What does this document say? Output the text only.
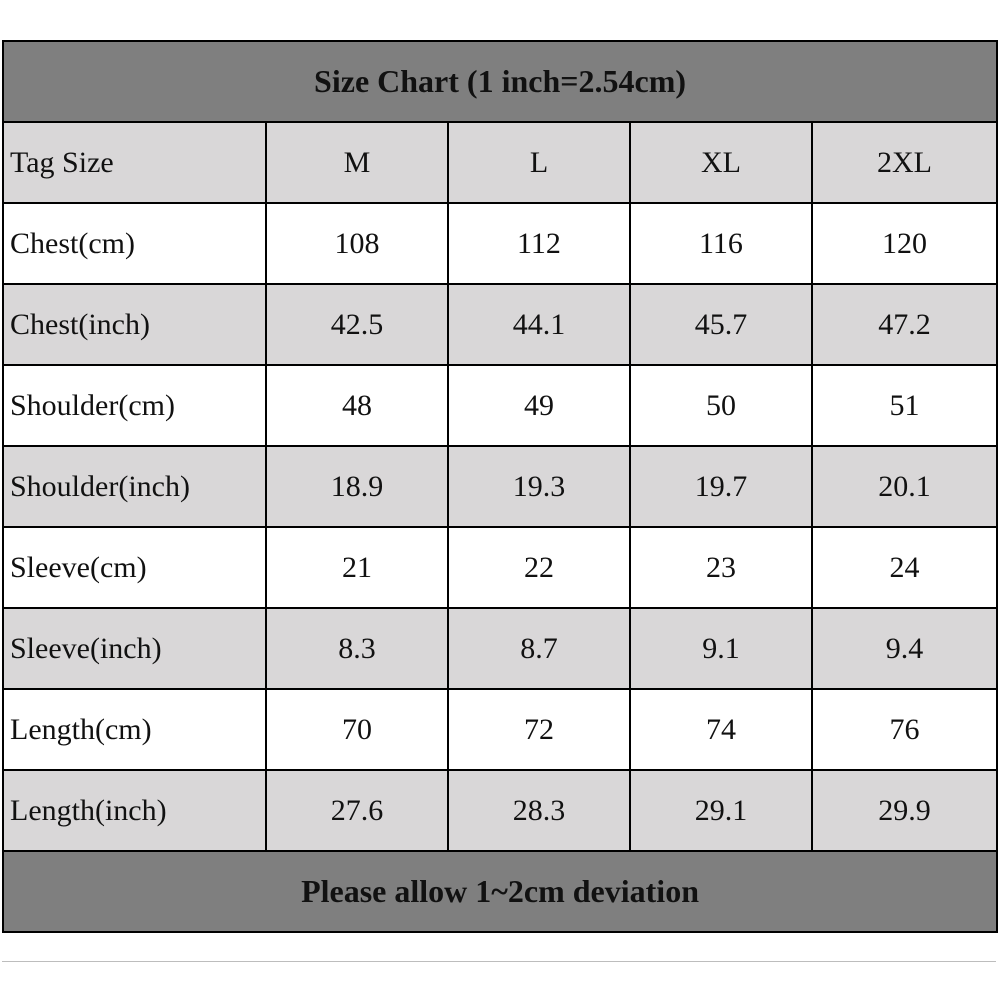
Size Chart (1 inch=2.54cm)				
Tag Size	M	L	XL	2XL
Chest(cm)	108	112	116	120
Chest(inch)	42.5	44.1	45.7	47.2
Shoulder(cm)	48	49	50	51
Shoulder(inch)	18.9	19.3	19.7	20.1
Sleeve(cm)	21	22	23	24
Sleeve(inch)	8.3	8.7	9.1	9.4
Length(cm)	70	72	74	76
Length(inch)	27.6	28.3	29.1	29.9
Please allow 1~2cm deviation				
